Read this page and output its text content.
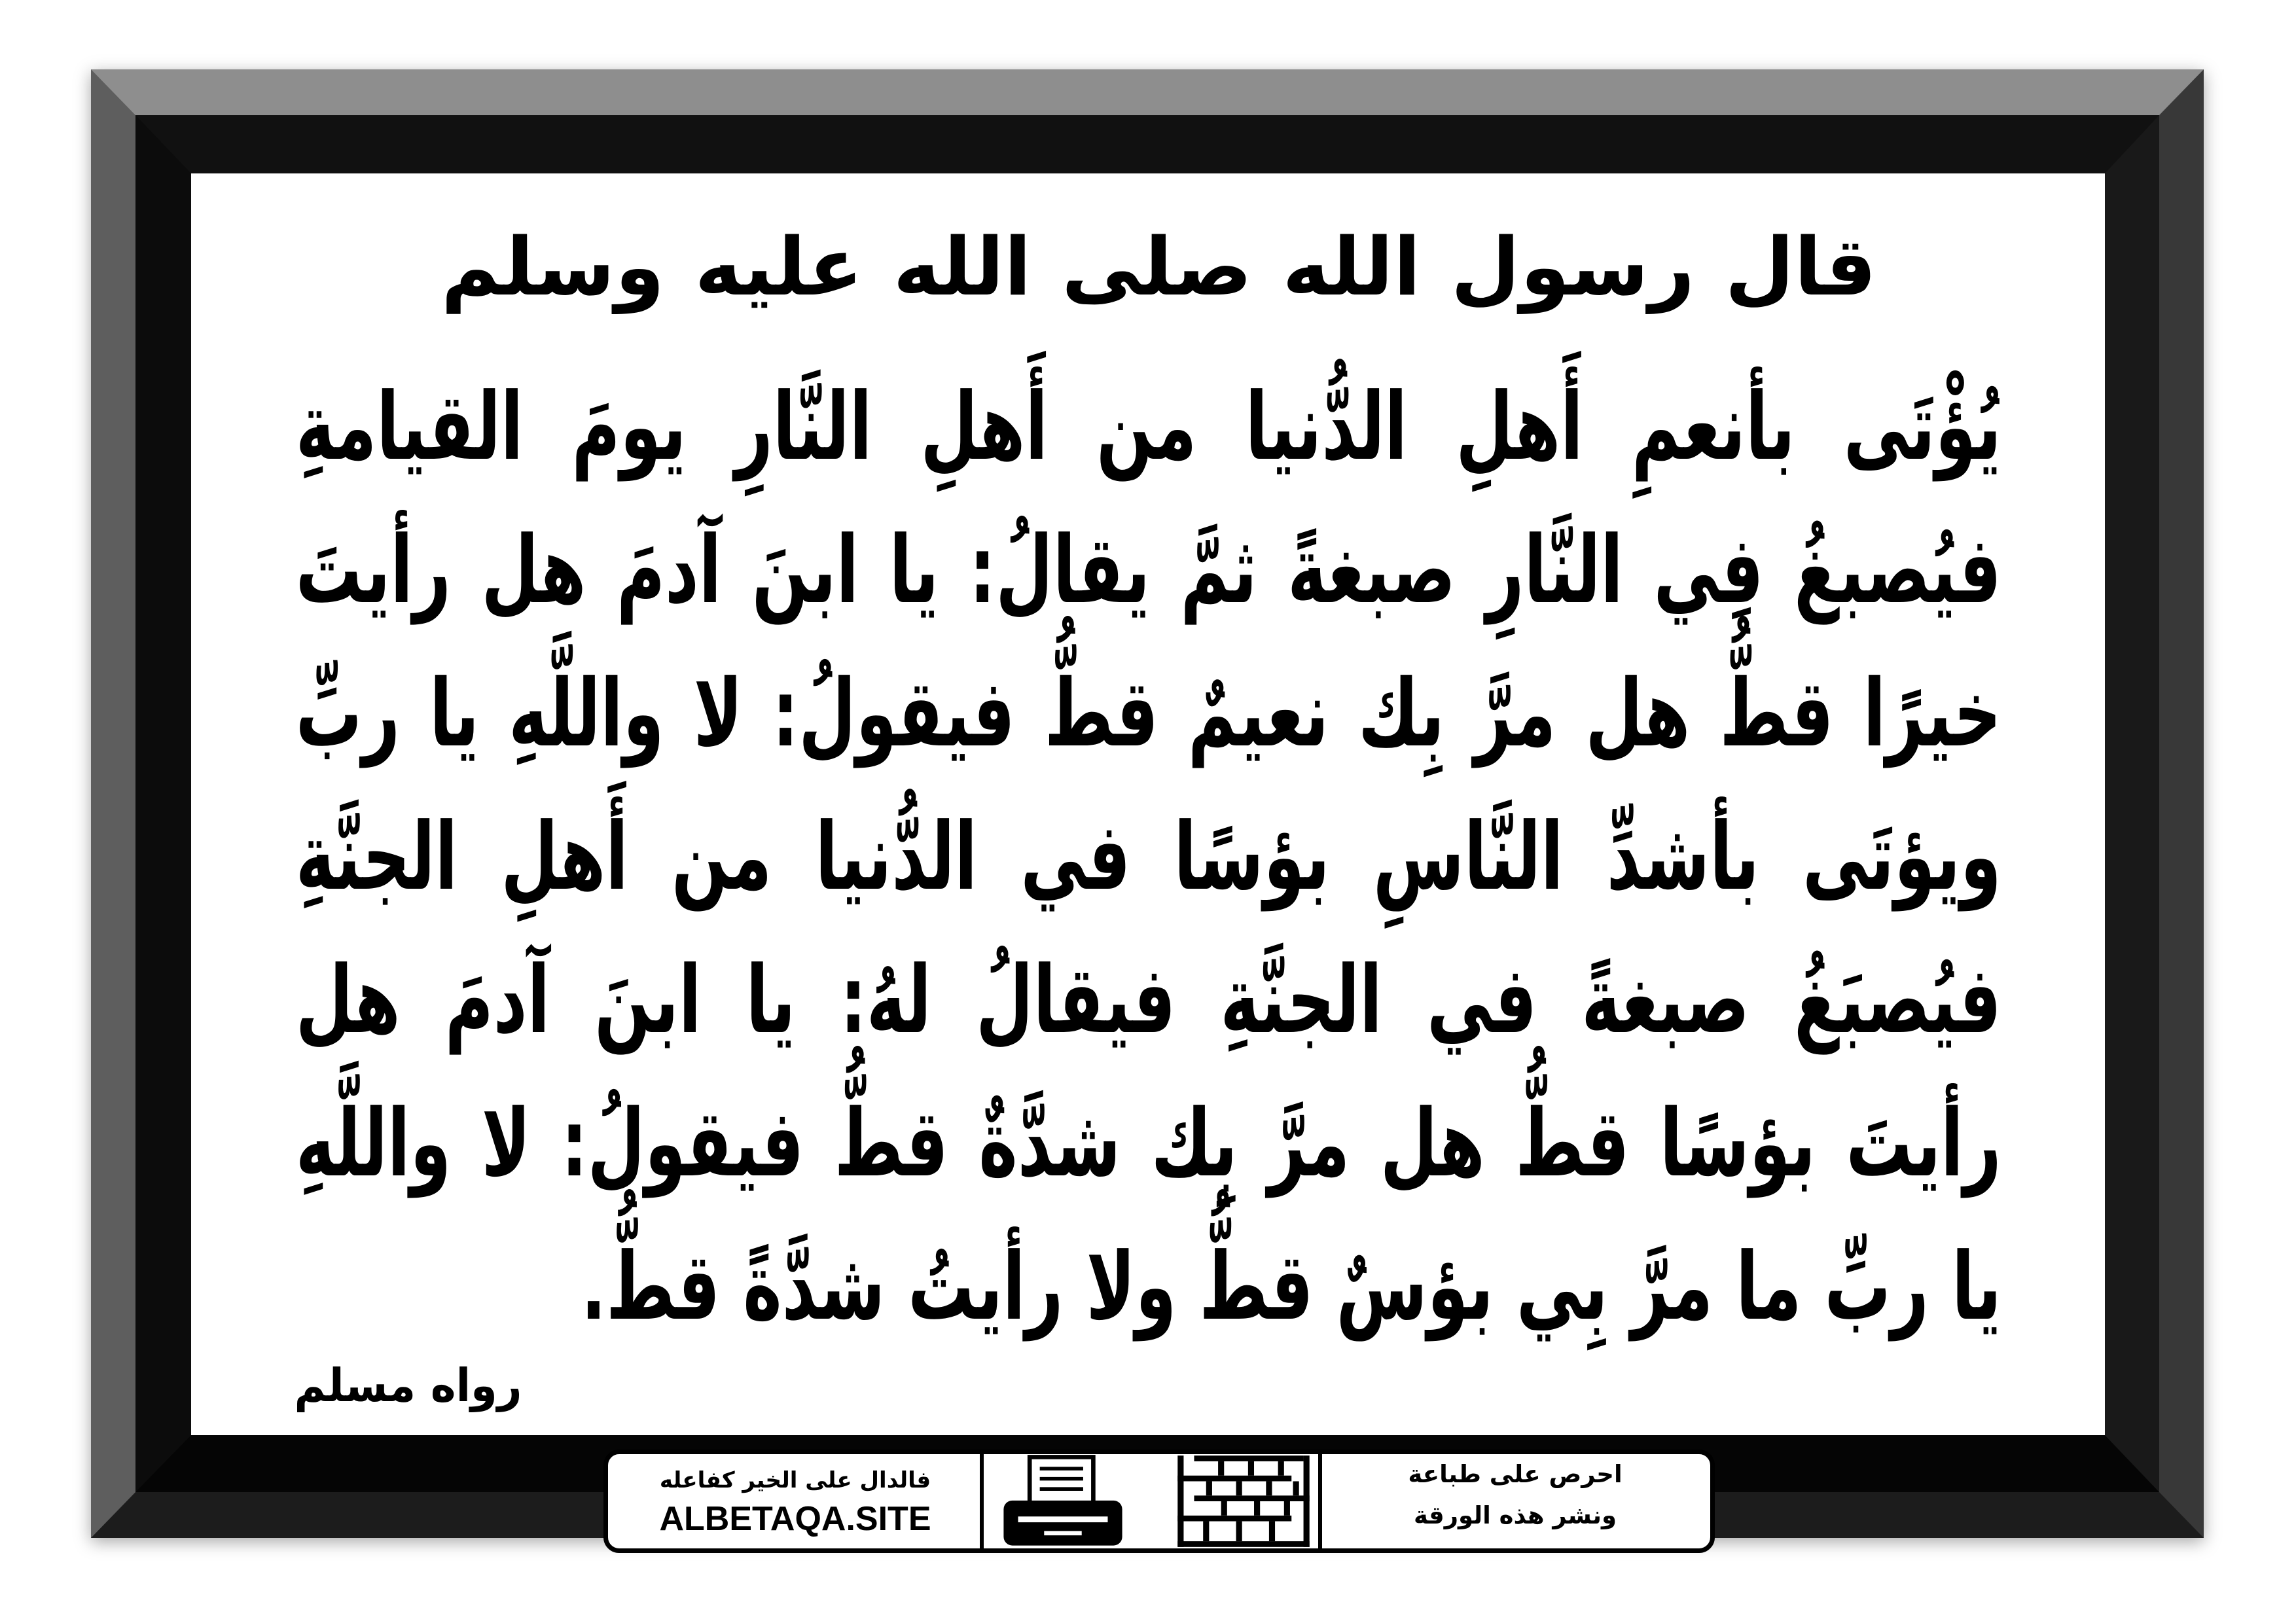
قال رسول الله صلى الله عليه وسلم
يُؤْتَى بأنعمِ أَهلِ الدُّنيا من أَهلِ النَّارِ يومَ القيامةِ
فيُصبغُ فِي النَّارِ صبغةً ثمَّ يقالُ: يا ابنَ آدمَ هل رأيتَ
خيرًا قطُّ هل مرَّ بِك نعيمٌ قطُّ فيقولُ: لا واللَّهِ يا ربِّ
ويؤتَى بأشدِّ النَّاسِ بؤسًا في الدُّنيا من أَهلِ الجنَّةِ
فيُصبَغُ صبغةً في الجنَّةِ فيقالُ لهُ: يا ابنَ آدمَ هل
رأيتَ بؤسًا قطُّ هل مرَّ بِك شدَّةٌ قطُّ فيقولُ: لا واللَّهِ
يا ربِّ ما مرَّ بِي بؤسٌ قطُّ ولا رأيتُ شدَّةً قطُّ.
رواه مسلم
فالدال على الخير كفاعله
ALBETAQA.SITE
احرص على طباعة
ونشر هذه الورقة
